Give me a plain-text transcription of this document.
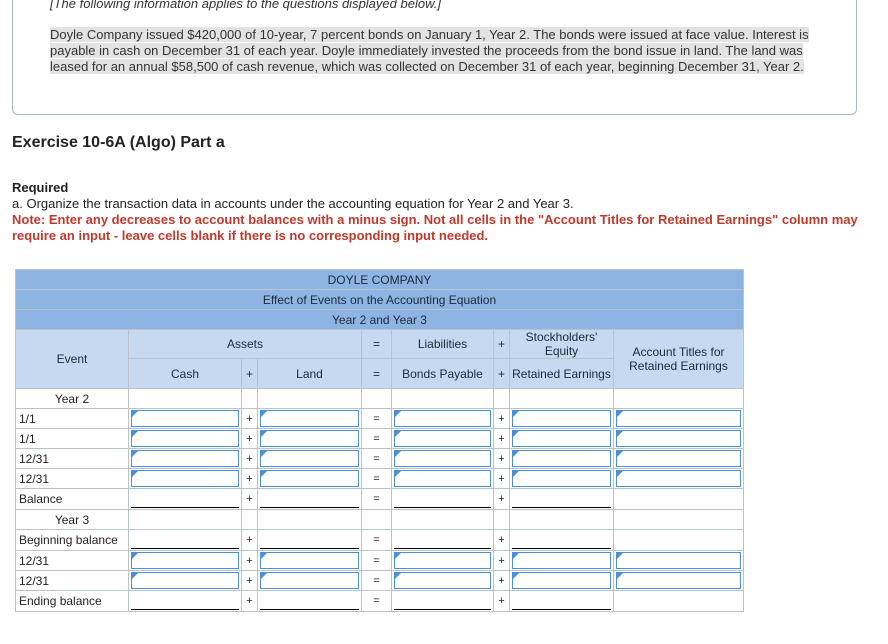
[The following information applies to the questions displayed below.]
Doyle Company issued $420,000 of 10-year, 7 percent bonds on January 1, Year 2. The bonds were issued at face value. Interest is payable in cash on December 31 of each year. Doyle immediately invested the proceeds from the bond issue in land. The land was leased for an annual $58,500 of cash revenue, which was collected on December 31 of each year, beginning December 31, Year 2.
Exercise 10-6A (Algo) Part a
Required
a. Organize the transaction data in accounts under the accounting equation for Year 2 and Year 3.
Note: Enter any decreases to account balances with a minus sign. Not all cells in the "Account Titles for Retained Earnings" column may require an input - leave cells blank if there is no corresponding input needed.
DOYLE COMPANY								
Effect of Events on the Accounting Equation								
Year 2 and Year 3								
Event	Assets			=	Liabilities	+	Stockholders' Equity	Account Titles for Retained Earnings
	Cash	+	Land	=	Bonds Payable	+	Retained Earnings	
Year 2								
1/1		+		=		+	

1/1		+		=		+	

12/31		+		=		+	

12/31		+		=		+	

Balance		+		=		+	

Year 3								
Beginning balance		+		=		+	

12/31		+		=		+	

12/31		+		=		+	

Ending balance		+		=		+	
